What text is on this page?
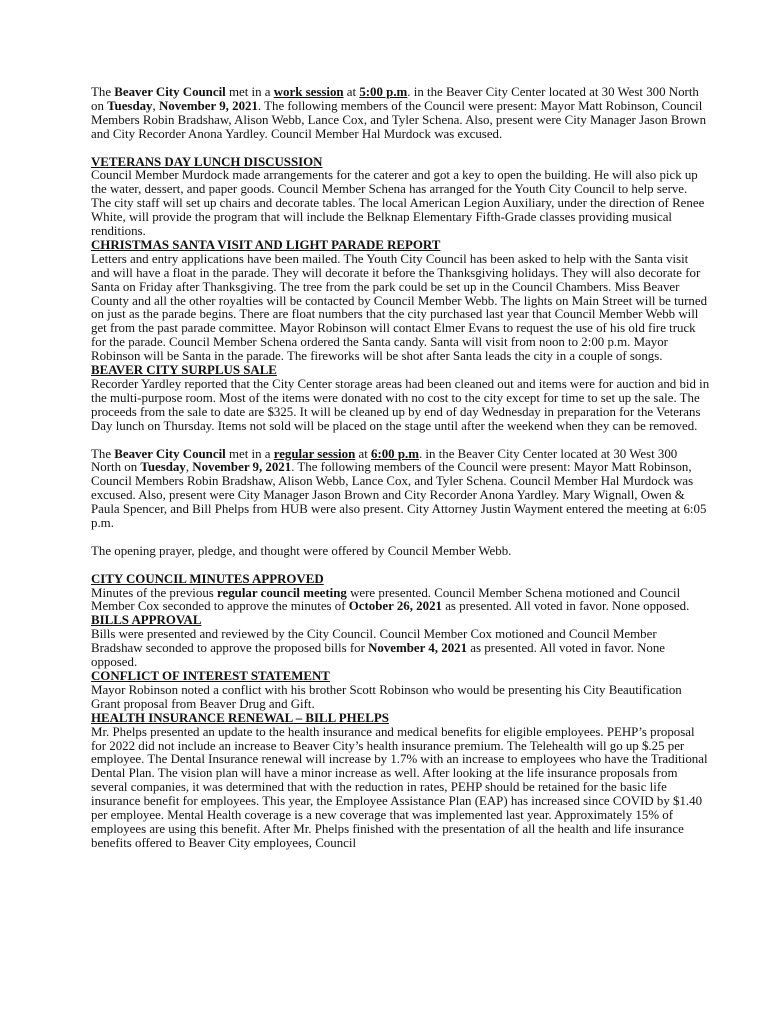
The Beaver City Council met in a work session at 5:00 p.m. in the Beaver City Center located at 30 West 300 North on Tuesday, November 9, 2021. The following members of the Council were present: Mayor Matt Robinson, Council Members Robin Bradshaw, Alison Webb, Lance Cox, and Tyler Schena. Also, present were City Manager Jason Brown and City Recorder Anona Yardley. Council Member Hal Murdock was excused.

VETERANS DAY LUNCH DISCUSSION

Council Member Murdock made arrangements for the caterer and got a key to open the building. He will also pick up the water, dessert, and paper goods. Council Member Schena has arranged for the Youth City Council to help serve. The city staff will set up chairs and decorate tables. The local American Legion Auxiliary, under the direction of Renee White, will provide the program that will include the Belknap Elementary Fifth-Grade classes providing musical renditions.

CHRISTMAS SANTA VISIT AND LIGHT PARADE REPORT

Letters and entry applications have been mailed. The Youth City Council has been asked to help with the Santa visit and will have a float in the parade. They will decorate it before the Thanksgiving holidays. They will also decorate for Santa on Friday after Thanksgiving. The tree from the park could be set up in the Council Chambers. Miss Beaver County and all the other royalties will be contacted by Council Member Webb. The lights on Main Street will be turned on just as the parade begins. There are float numbers that the city purchased last year that Council Member Webb will get from the past parade committee. Mayor Robinson will contact Elmer Evans to request the use of his old fire truck for the parade. Council Member Schena ordered the Santa candy. Santa will visit from noon to 2:00 p.m. Mayor Robinson will be Santa in the parade. The fireworks will be shot after Santa leads the city in a couple of songs.

BEAVER CITY SURPLUS SALE

Recorder Yardley reported that the City Center storage areas had been cleaned out and items were for auction and bid in the multi-purpose room. Most of the items were donated with no cost to the city except for time to set up the sale. The proceeds from the sale to date are $325. It will be cleaned up by end of day Wednesday in preparation for the Veterans Day lunch on Thursday. Items not sold will be placed on the stage until after the weekend when they can be removed.

The Beaver City Council met in a regular session at 6:00 p.m. in the Beaver City Center located at 30 West 300 North on Tuesday, November 9, 2021. The following members of the Council were present: Mayor Matt Robinson, Council Members Robin Bradshaw, Alison Webb, Lance Cox, and Tyler Schena. Council Member Hal Murdock was excused. Also, present were City Manager Jason Brown and City Recorder Anona Yardley. Mary Wignall, Owen & Paula Spencer, and Bill Phelps from HUB were also present. City Attorney Justin Wayment entered the meeting at 6:05 p.m.

The opening prayer, pledge, and thought were offered by Council Member Webb.

CITY COUNCIL MINUTES APPROVED

Minutes of the previous regular council meeting were presented. Council Member Schena motioned and Council Member Cox seconded to approve the minutes of October 26, 2021 as presented. All voted in favor. None opposed.

BILLS APPROVAL

Bills were presented and reviewed by the City Council. Council Member Cox motioned and Council Member Bradshaw seconded to approve the proposed bills for November 4, 2021 as presented. All voted in favor. None opposed.

CONFLICT OF INTEREST STATEMENT

Mayor Robinson noted a conflict with his brother Scott Robinson who would be presenting his City Beautification Grant proposal from Beaver Drug and Gift.

HEALTH INSURANCE RENEWAL – BILL PHELPS

Mr. Phelps presented an update to the health insurance and medical benefits for eligible employees. PEHP’s proposal for 2022 did not include an increase to Beaver City’s health insurance premium. The Telehealth will go up $.25 per employee. The Dental Insurance renewal will increase by 1.7% with an increase to employees who have the Traditional Dental Plan. The vision plan will have a minor increase as well. After looking at the life insurance proposals from several companies, it was determined that with the reduction in rates, PEHP should be retained for the basic life insurance benefit for employees. This year, the Employee Assistance Plan (EAP) has increased since COVID by $1.40 per employee. Mental Health coverage is a new coverage that was implemented last year. Approximately 15% of employees are using this benefit. After Mr. Phelps finished with the presentation of all the health and life insurance benefits offered to Beaver City employees, Council
